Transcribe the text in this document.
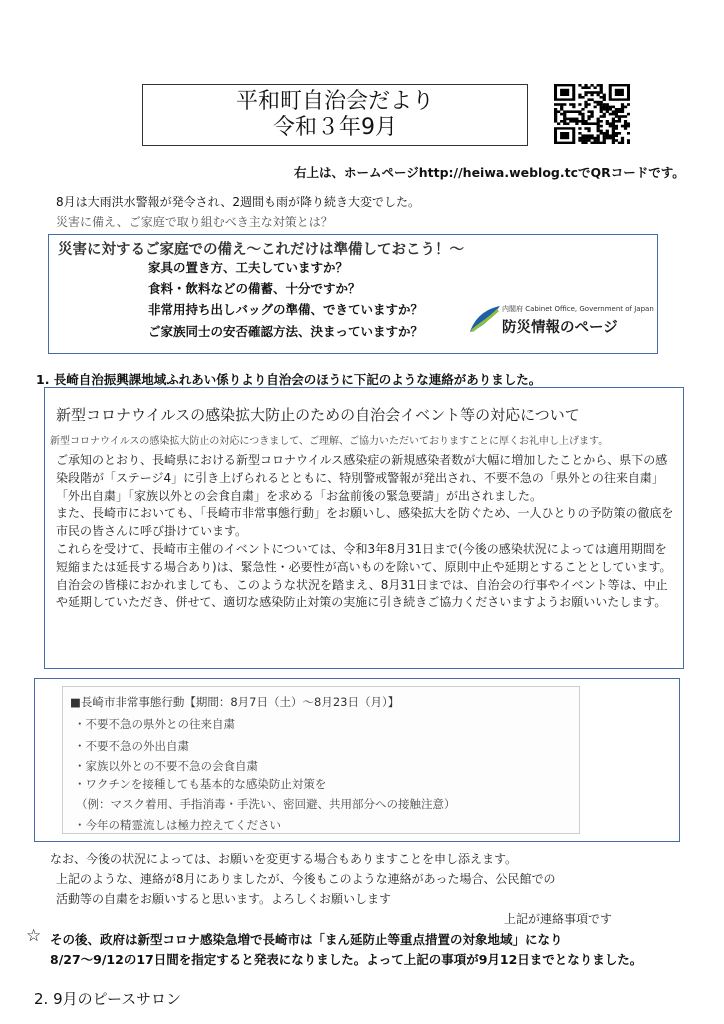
平和町自治会だより
令和３年9月
右上は、ホームページhttp://heiwa.weblog.tcでQRコードです。
8月は大雨洪水警報が発令され、2週間も雨が降り続き大変でした。
災害に備え、ご家庭で取り組むべき主な対策とは？
災害に対するご家庭での備え～これだけは準備しておこう！～
家具の置き方、工夫していますか？
食料・飲料などの備蓄、十分ですか？
非常用持ち出しバッグの準備、できていますか？
ご家族同士の安否確認方法、決まっていますか？
内閣府 Cabinet Office, Government of Japan
防災情報のページ
1. 長崎自治振興課地域ふれあい係りより自治会のほうに下記のような連絡がありました。
新型コロナウイルスの感染拡大防止のための自治会イベント等の対応について
新型コロナウイルスの感染拡大防止の対応につきまして、ご理解、ご協力いただいておりますことに厚くお礼申し上げます。

ご承知のとおり、長崎県における新型コロナウイルス感染症の新規感染者数が大幅に増加したことから、県下の感染段階が「ステージ4」に引き上げられるとともに、特別警戒警報が発出され、不要不急の「県外との往来自粛」「外出自粛」「家族以外との会食自粛」を求める「お盆前後の緊急要請」が出されました。

また、長崎市においても、「長崎市非常事態行動」をお願いし、感染拡大を防ぐため、一人ひとりの予防策の徹底を市民の皆さんに呼び掛けています。

これらを受けて、長崎市主催のイベントについては、令和3年8月31日まで(今後の感染状況によっては適用期間を短縮または延長する場合あり)は、緊急性・必要性が高いものを除いて、原則中止や延期とすることとしています。

自治会の皆様におかれましても、このような状況を踏まえ、8月31日までは、自治会の行事やイベント等は、中止や延期していただき、併せて、適切な感染防止対策の実施に引き続きご協力くださいますようお願いいたします。

■長崎市非常事態行動【期間：8月7日（土）～8月23日（月）】
・不要不急の県外との往来自粛
・不要不急の外出自粛
・家族以外との不要不急の会食自粛
・ワクチンを接種しても基本的な感染防止対策を
（例：マスク着用、手指消毒・手洗い、密回避、共用部分への接触注意）
・今年の精霊流しは極力控えてください
なお、今後の状況によっては、お願いを変更する場合もありますことを申し添えます。
上記のような、連絡が8月にありましたが、今後もこのような連絡があった場合、公民館での
活動等の自粛をお願いすると思います。よろしくお願いします
上記が連絡事項です
☆ その後、政府は新型コロナ感染急増で長崎市は「まん延防止等重点措置の対象地域」になり
8/27～9/12の17日間を指定すると発表になりました。よって上記の事項が9月12日までとなりました。
2. 9月のピースサロン
